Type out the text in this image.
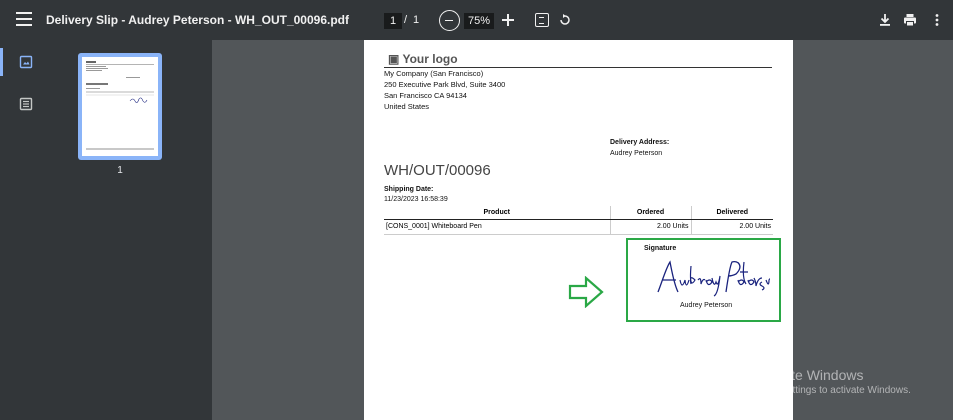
Delivery Slip - Audrey Peterson - WH_OUT_00096.pdf	1 / 1	75%
1
▣ Your logo
My Company (San Francisco)
250 Executive Park Blvd, Suite 3400
San Francisco CA 94134
United States
Delivery Address:
Audrey Peterson
WH/OUT/00096
Shipping Date:
11/23/2023 16:58:39
Product	Ordered	Delivered
[CONS_0001] Whiteboard Pen	2.00 Units	2.00 Units
Signature
Audrey Peterson
Activate Windows
Go to Settings to activate Windows.
